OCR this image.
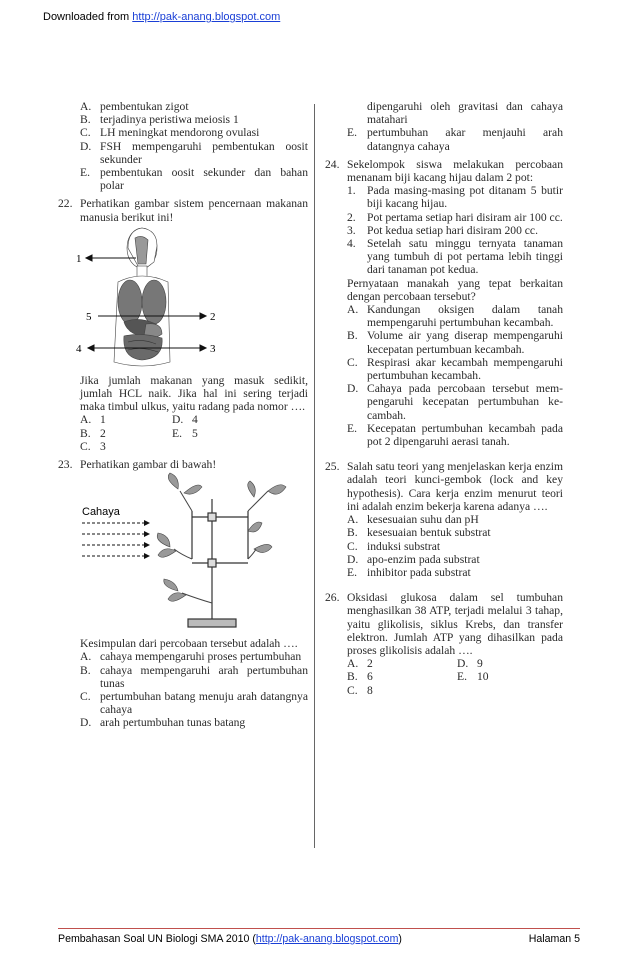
Downloaded from http://pak-anang.blogspot.com
A. pembentukan zigot
B. terjadinya peristiwa meiosis 1
C. LH meningkat mendorong ovulasi
D. FSH mempengaruhi pembentukan oosit sekunder
E. pembentukan oosit sekunder dan bahan polar
22. Perhatikan gambar sistem pencernaan makanan manusia berikut ini!
1
2
3
4
5
Jika jumlah makanan yang masuk sedikit, jumlah HCL naik. Jika hal ini sering terjadi maka timbul ulkus, yaitu radang pada nomor ….
A. 1	D. 4
B. 2	E. 5
C. 3
23. Perhatikan gambar di bawah!
Cahaya
Kesimpulan dari percobaan tersebut adalah ….
A. cahaya mempengaruhi proses pertumbuhan
B. cahaya mempengaruhi arah pertumbuhan tunas
C. pertumbuhan batang menuju arah datangnya cahaya
D. arah pertumbuhan tunas batang
dipengaruhi oleh gravitasi dan cahaya matahari
E. pertumbuhan akar menjauhi arah datangnya cahaya
24. Sekelompok siswa melakukan percobaan menanam biji kacang hijau dalam 2 pot:
1. Pada masing-masing pot ditanam 5 butir biji kacang hijau.
2. Pot pertama setiap hari disiram air 100 cc.
3. Pot kedua setiap hari disiram 200 cc.
4. Setelah satu minggu ternyata tanaman yang tumbuh di pot pertama lebih tinggi dari tanaman pot kedua.
Pernyataan manakah yang tepat berkaitan dengan percobaan tersebut?
A. Kandungan oksigen dalam tanah mempengaruhi pertumbuhan kecambah.
B. Volume air yang diserap mempengaruhi kecepatan pertumbuan kecambah.
C. Respirasi akar kecambah mempengaruhi pertumbuhan kecambah.
D. Cahaya pada percobaan tersebut mempengaruhi kecepatan pertumbuhan kecambah.
E. Kecepatan pertumbuhan kecambah pada pot 2 dipengaruhi aerasi tanah.
25. Salah satu teori yang menjelaskan kerja enzim adalah teori kunci-gembok (lock and key hypothesis). Cara kerja enzim menurut teori ini adalah enzim bekerja karena adanya ….
A. kesesuaian suhu dan pH
B. kesesuaian bentuk substrat
C. induksi substrat
D. apo-enzim pada substrat
E. inhibitor pada substrat
26. Oksidasi glukosa dalam sel tumbuhan menghasilkan 38 ATP, terjadi melalui 3 tahap, yaitu glikolisis, siklus Krebs, dan transfer elektron. Jumlah ATP yang dihasilkan pada proses glikolisis adalah ….
A. 2	D. 9
B. 6	E. 10
C. 8
Pembahasan Soal UN Biologi SMA 2010 (http://pak-anang.blogspot.com)	Halaman 5
